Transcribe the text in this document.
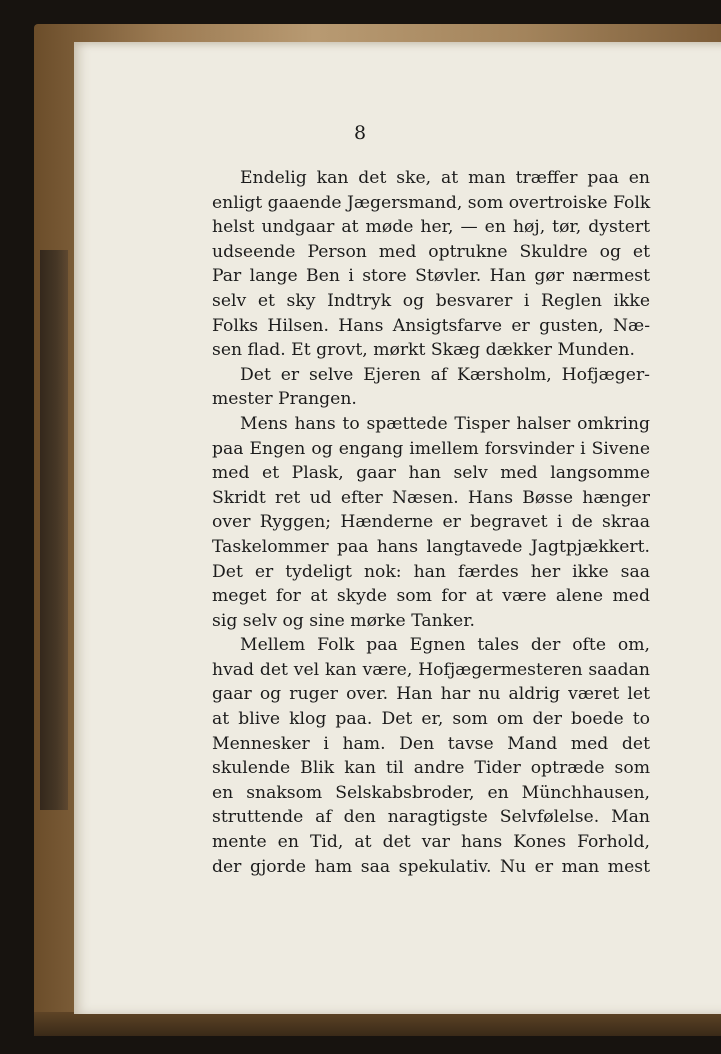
8
Endelig kan det ske, at man træffer paa en
enligt gaaende Jægersmand, som overtroiske Folk
helst undgaar at møde her, — en høj, tør, dystert
udseende Person med optrukne Skuldre og et
Par lange Ben i store Støvler. Han gør nærmest
selv et sky Indtryk og besvarer i Reglen ikke
Folks Hilsen. Hans Ansigtsfarve er gusten, Næ-
sen flad. Et grovt, mørkt Skæg dækker Munden.
Det er selve Ejeren af Kærsholm, Hofjæger-
mester Prangen.
Mens hans to spættede Tisper halser omkring
paa Engen og engang imellem forsvinder i Sivene
med et Plask, gaar han selv med langsomme
Skridt ret ud efter Næsen. Hans Bøsse hænger
over Ryggen; Hænderne er begravet i de skraa
Taskelommer paa hans langtavede Jagtpjækkert.
Det er tydeligt nok: han færdes her ikke saa
meget for at skyde som for at være alene med
sig selv og sine mørke Tanker.
Mellem Folk paa Egnen tales der ofte om,
hvad det vel kan være, Hofjægermesteren saadan
gaar og ruger over. Han har nu aldrig været let
at blive klog paa. Det er, som om der boede to
Mennesker i ham. Den tavse Mand med det
skulende Blik kan til andre Tider optræde som
en snaksom Selskabsbroder, en Münchhausen,
struttende af den naragtigste Selvfølelse. Man
mente en Tid, at det var hans Kones Forhold,
der gjorde ham saa spekulativ. Nu er man mest
